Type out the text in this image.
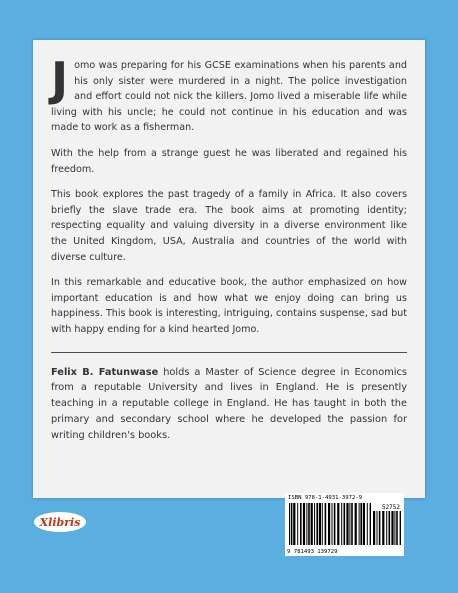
Jomo was preparing for his GCSE examinations when his parents and his only sister were murdered in a night. The police investigation and effort could not nick the killers. Jomo lived a miserable life while living with his uncle; he could not continue in his education and was made to work as a fisherman.

With the help from a strange guest he was liberated and regained his freedom.

This book explores the past tragedy of a family in Africa. It also covers briefly the slave trade era. The book aims at promoting identity; respecting equality and valuing diversity in a diverse environment like the United Kingdom, USA, Australia and countries of the world with diverse culture.

In this remarkable and educative book, the author emphasized on how important education is and how what we enjoy doing can bring us happiness. This book is interesting, intriguing, contains suspense, sad but with happy ending for a kind hearted Jomo.

Felix B. Fatunwase holds a Master of Science degree in Economics from a reputable University and lives in England. He is presently teaching in a reputable college in England. He has taught in both the primary and secondary school where he developed the passion for writing children's books.

Xlibris
ISBN 978-1-4931-3972-9
52752
9 781493 139729
